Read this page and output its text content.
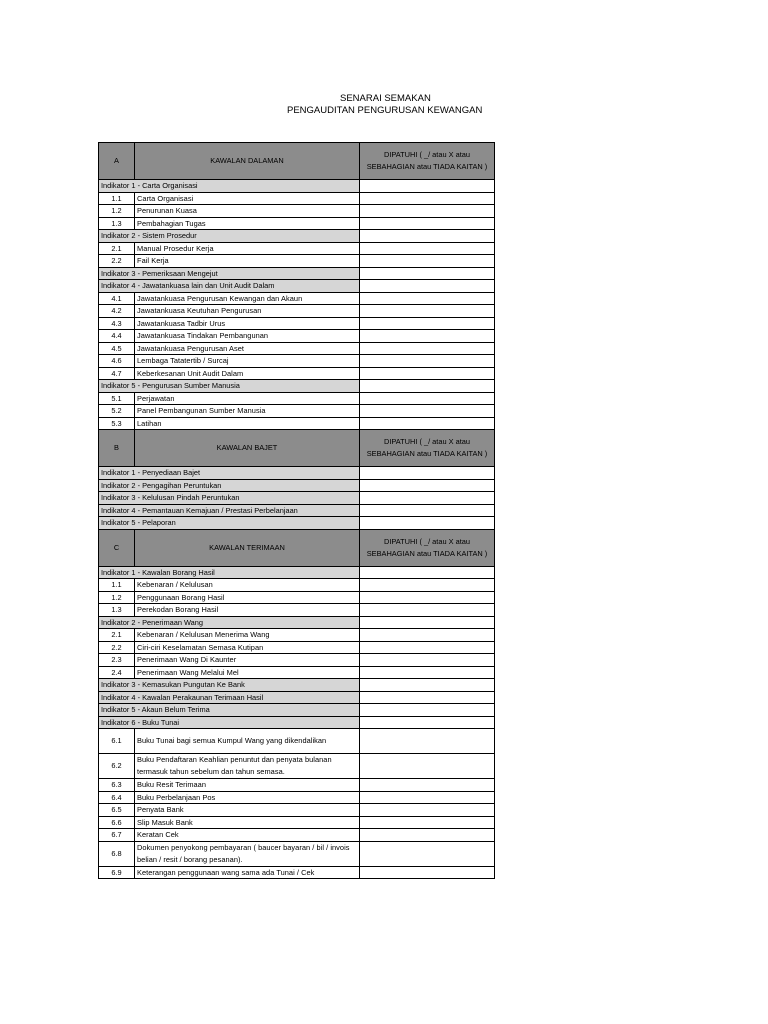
SENARAI SEMAKAN
PENGAUDITAN PENGURUSAN KEWANGAN
A	KAWALAN DALAMAN	DIPATUHI ( _/ atau X atau SEBAHAGIAN atau TIADA KAITAN )
Indikator 1 - Carta Organisasi		
1.1	Carta Organisasi	
1.2	Penurunan Kuasa	
1.3	Pembahagian Tugas	
Indikator 2 - Sistem Prosedur		
2.1	Manual Prosedur Kerja	
2.2	Fail Kerja	
Indikator 3 - Pemeriksaan Mengejut		
Indikator 4 - Jawatankuasa lain dan Unit Audit Dalam		
4.1	Jawatankuasa Pengurusan Kewangan dan Akaun	
4.2	Jawatankuasa Keutuhan Pengurusan	
4.3	Jawatankuasa Tadbir Urus	
4.4	Jawatankuasa Tindakan Pembangunan	
4.5	Jawatankuasa Pengurusan Aset	
4.6	Lembaga Tatatertib / Surcaj	
4.7	Keberkesanan Unit Audit Dalam	
Indikator 5 - Pengurusan Sumber Manusia		
5.1	Perjawatan	
5.2	Panel Pembangunan Sumber Manusia	
5.3	Latihan	
B	KAWALAN BAJET	DIPATUHI ( _/ atau X atau SEBAHAGIAN atau TIADA KAITAN )
Indikator 1 - Penyediaan Bajet		
Indikator 2 - Pengagihan Peruntukan		
Indikator 3 - Kelulusan Pindah Peruntukan		
Indikator 4 - Pemantauan Kemajuan / Prestasi Perbelanjaan		
Indikator 5 - Pelaporan		
C	KAWALAN TERIMAAN	DIPATUHI ( _/ atau X atau SEBAHAGIAN atau TIADA KAITAN )
Indikator 1 - Kawalan Borang Hasil		
1.1	Kebenaran / Kelulusan	
1.2	Penggunaan Borang Hasil	
1.3	Perekodan Borang Hasil	
Indikator 2 - Penerimaan Wang		
2.1	Kebenaran / Kelulusan Menerima Wang	
2.2	Ciri-ciri Keselamatan Semasa Kutipan	
2.3	Penerimaan Wang Di Kaunter	
2.4	Penerimaan Wang Melalui Mel	
Indikator 3 - Kemasukan Pungutan Ke Bank		
Indikator 4 - Kawalan Perakaunan Terimaan Hasil		
Indikator 5 - Akaun Belum Terima		
Indikator 6 - Buku Tunai		
6.1	Buku Tunai bagi semua Kumpul Wang yang dikendalikan	
6.2	Buku Pendaftaran Keahlian penuntut dan penyata bulanan termasuk tahun sebelum dan tahun semasa.	
6.3	Buku Resit Terimaan	
6.4	Buku Perbelanjaan Pos	
6.5	Penyata Bank	
6.6	Slip Masuk Bank	
6.7	Keratan Cek	
6.8	Dokumen penyokong pembayaran ( baucer bayaran / bil / invois belian / resit / borang pesanan).	
6.9	Keterangan penggunaan wang sama ada Tunai / Cek	
